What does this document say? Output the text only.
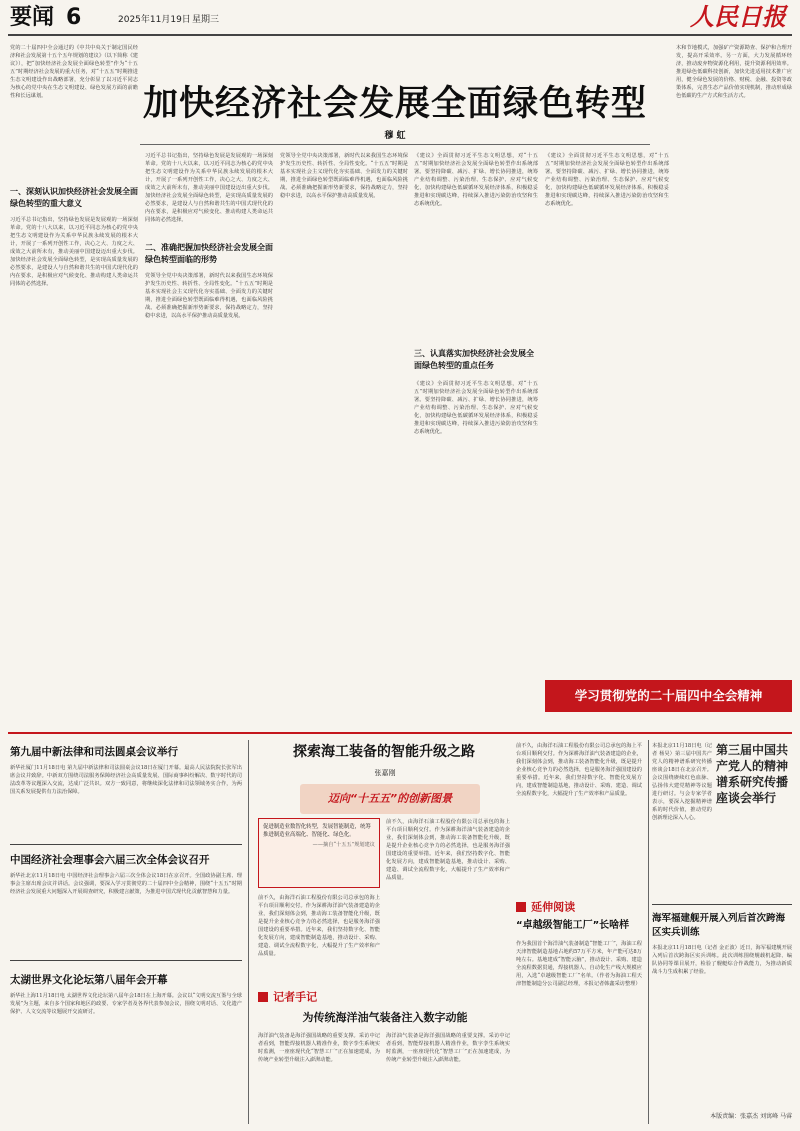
要闻 6	2025年11月19日 星期三	人民日报
党的二十届四中全会通过的《中共中央关于制定国民经济和社会发展第十五个五年规划的建议》（以下简称《建议》），把“加快经济社会发展全面绿色转型”作为“十五五”时期经济社会发展的重大任务，对“十五五”时期推进生态文明建设作出战略部署，充分彰显了以习近平同志为核心的党中央在生态文明建设、绿色发展方面的前瞻性和长远谋划。	加快经济社会发展全面绿色转型
穆 虹
一、深刻认识加快经济社会发展全面绿色转型的重大意义
习近平总书记指出，坚持绿色发展是发展观的一场深刻革命。党的十八大以来，以习近平同志为核心的党中央把生态文明建设作为关系中华民族永续发展的根本大计，开展了一系列开创性工作，决心之大、力度之大、成效之大前所未有，推动美丽中国建设迈出重大步伐。加快经济社会发展全面绿色转型，是实现高质量发展的必然要求，是建设人与自然和谐共生的中国式现代化的内在要求，是积极应对气候变化、推动构建人类命运共同体的必然选择。
习近平总书记指出，坚持绿色发展是发展观的一场深刻革命。党的十八大以来，以习近平同志为核心的党中央把生态文明建设作为关系中华民族永续发展的根本大计，开展了一系列开创性工作，决心之大、力度之大、成效之大前所未有，推动美丽中国建设迈出重大步伐。加快经济社会发展全面绿色转型，是实现高质量发展的必然要求，是建设人与自然和谐共生的中国式现代化的内在要求，是积极应对气候变化、推动构建人类命运共同体的必然选择。
二、准确把握加快经济社会发展全面绿色转型面临的形势
党领导全党中央决策部署，新时代以来我国生态环境保护发生历史性、转折性、全局性变化。“十五五”时期是基本实现社会主义现代化夯实基础、全面发力的关键时期，推进全面绿色转型既面临难得机遇，也面临风险挑战。必须准确把握新形势新要求，保持战略定力，坚持稳中求进，以高水平保护推动高质量发展。
党领导全党中央决策部署，新时代以来我国生态环境保护发生历史性、转折性、全局性变化。“十五五”时期是基本实现社会主义现代化夯实基础、全面发力的关键时期，推进全面绿色转型既面临难得机遇，也面临风险挑战。必须准确把握新形势新要求，保持战略定力，坚持稳中求进，以高水平保护推动高质量发展。
《建议》全面贯彻习近平生态文明思想，对“十五五”时期加快经济社会发展全面绿色转型作出系统部署。要坚持降碳、减污、扩绿、增长协同推进，统筹产业结构调整、污染治理、生态保护、应对气候变化，加快构建绿色低碳循环发展经济体系，积极稳妥推进和实现碳达峰，持续深入推进污染防治攻坚和生态系统优化。
三、认真落实加快经济社会发展全面绿色转型的重点任务
《建议》全面贯彻习近平生态文明思想，对“十五五”时期加快经济社会发展全面绿色转型作出系统部署。要坚持降碳、减污、扩绿、增长协同推进，统筹产业结构调整、污染治理、生态保护、应对气候变化，加快构建绿色低碳循环发展经济体系，积极稳妥推进和实现碳达峰，持续深入推进污染防治攻坚和生态系统优化。
《建议》全面贯彻习近平生态文明思想，对“十五五”时期加快经济社会发展全面绿色转型作出系统部署。要坚持降碳、减污、扩绿、增长协同推进，统筹产业结构调整、污染治理、生态保护、应对气候变化，加快构建绿色低碳循环发展经济体系，积极稳妥推进和实现碳达峰，持续深入推进污染防治攻坚和生态系统优化。
木和节地模式，加强矿产资源勘查、保护和合理开发，提高开采效率。另一方面，大力发展循环经济，推动废弃物资源化利用，提升资源利用效率。推进绿色低碳科技创新，加快先进适用技术推广应用，健全绿色发展的价格、财税、金融、投资等政策体系，完善生态产品价值实现机制，推动形成绿色低碳的生产方式和生活方式。
学习贯彻党的二十届四中全会精神
第九届中新法律和司法圆桌会议举行
新华社厦门11月18日电 第九届中新法律和司法圆桌会议18日在厦门开幕。最高人民法院院长张军出席会议并致辞。中新双方围绕司法服务保障经济社会高质量发展、国际商事纠纷解决、数字时代的司法改革等议题深入交流，达成广泛共识。双方一致同意，将继续深化法律和司法领域务实合作，为两国关系发展提供有力法治保障。
中国经济社会理事会六届三次全体会议召开
新华社北京11月18日电 中国经济社会理事会六届三次全体会议18日在京召开。全国政协副主席、理事会主席出席会议并讲话。会议强调，要深入学习贯彻党的二十届四中全会精神，围绕“十五五”时期经济社会发展重大问题深入开展调查研究，积极建言献策，为推进中国式现代化贡献智慧和力量。
太湖世界文化论坛第八届年会开幕
新华社上海11月18日电 太湖世界文化论坛第八届年会18日在上海开幕。会议以“文明交流互鉴与全球发展”为主题，来自多个国家和地区的政要、专家学者及各界代表参加会议，围绕文明对话、文化遗产保护、人文交流等议题展开交流研讨。
探索海工装备的智能升级之路
张嘉刚
迈向“十五五”的创新图景
促进制造业数智化转型，发展智能制造，统筹推进制造业高端化、智能化、绿色化。
——摘自“十五五”规划建议
前不久，由海洋石油工程股份有限公司总承包的海上平台项目顺利交付。作为深耕海洋油气装备建造的企业，我们深刻体会到，推动海工装备智能化升级，既是提升企业核心竞争力的必然选择，也是服务海洋强国建设的重要举措。近年来，我们坚持数字化、智能化发展方向，建成智能制造基地，推动设计、采购、建造、调试全流程数字化，大幅提升了生产效率和产品质量。
前不久，由海洋石油工程股份有限公司总承包的海上平台项目顺利交付。作为深耕海洋油气装备建造的企业，我们深刻体会到，推动海工装备智能化升级，既是提升企业核心竞争力的必然选择，也是服务海洋强国建设的重要举措。近年来，我们坚持数字化、智能化发展方向，建成智能制造基地，推动设计、采购、建造、调试全流程数字化，大幅提升了生产效率和产品质量。
记者手记
为传统海洋油气装备注入数字动能
海洋油气装备是海洋强国战略的重要支撑。采访中记者看到，智能焊接机器人精准作业，数字孪生系统实时监测，一座座现代化“智慧工厂”正在加速建成，为传统产业转型升级注入澎湃动能。
海洋油气装备是海洋强国战略的重要支撑。采访中记者看到，智能焊接机器人精准作业，数字孪生系统实时监测，一座座现代化“智慧工厂”正在加速建成，为传统产业转型升级注入澎湃动能。
前不久，由海洋石油工程股份有限公司总承包的海上平台项目顺利交付。作为深耕海洋油气装备建造的企业，我们深刻体会到，推动海工装备智能化升级，既是提升企业核心竞争力的必然选择，也是服务海洋强国建设的重要举措。近年来，我们坚持数字化、智能化发展方向，建成智能制造基地，推动设计、采购、建造、调试全流程数字化，大幅提升了生产效率和产品质量。
延伸阅读
“卓越级智能工厂”长啥样
作为我国首个海洋油气装备制造“智能工厂”，海油工程天津智能制造基地占地约57万平方米，年产能可达8万吨左右。基地建成“智能云脑”，推动设计、采购、建造全流程数据贯通，焊接机器人、自动化生产线大规模应用，入选“卓越级智能工厂”名单。（作者为海油工程天津智能制造分公司副总经理，本报记者韩鑫采访整理）
本报北京11月18日电（记者 杨昊）第三届中国共产党人的精神谱系研究传播座谈会18日在北京召开。会议围绕赓续红色血脉、弘扬伟大建党精神等议题进行研讨。与会专家学者表示，要深入挖掘精神谱系的时代价值，推动党的创新理论深入人心。
第三届中国共产党人的精神谱系研究传播座谈会举行
海军福建舰开展入列后首次跨海区实兵训练
本报北京11月18日电（记者 金正波）近日，海军福建舰开展入列后首次跨海区实兵训练。此次训练围绕舰载机起降、编队协同等课目展开，检验了舰艇综合作战能力，为推动新质战斗力生成积累了经验。
本版责编：张嘉杰 刘寓峰 马睿
